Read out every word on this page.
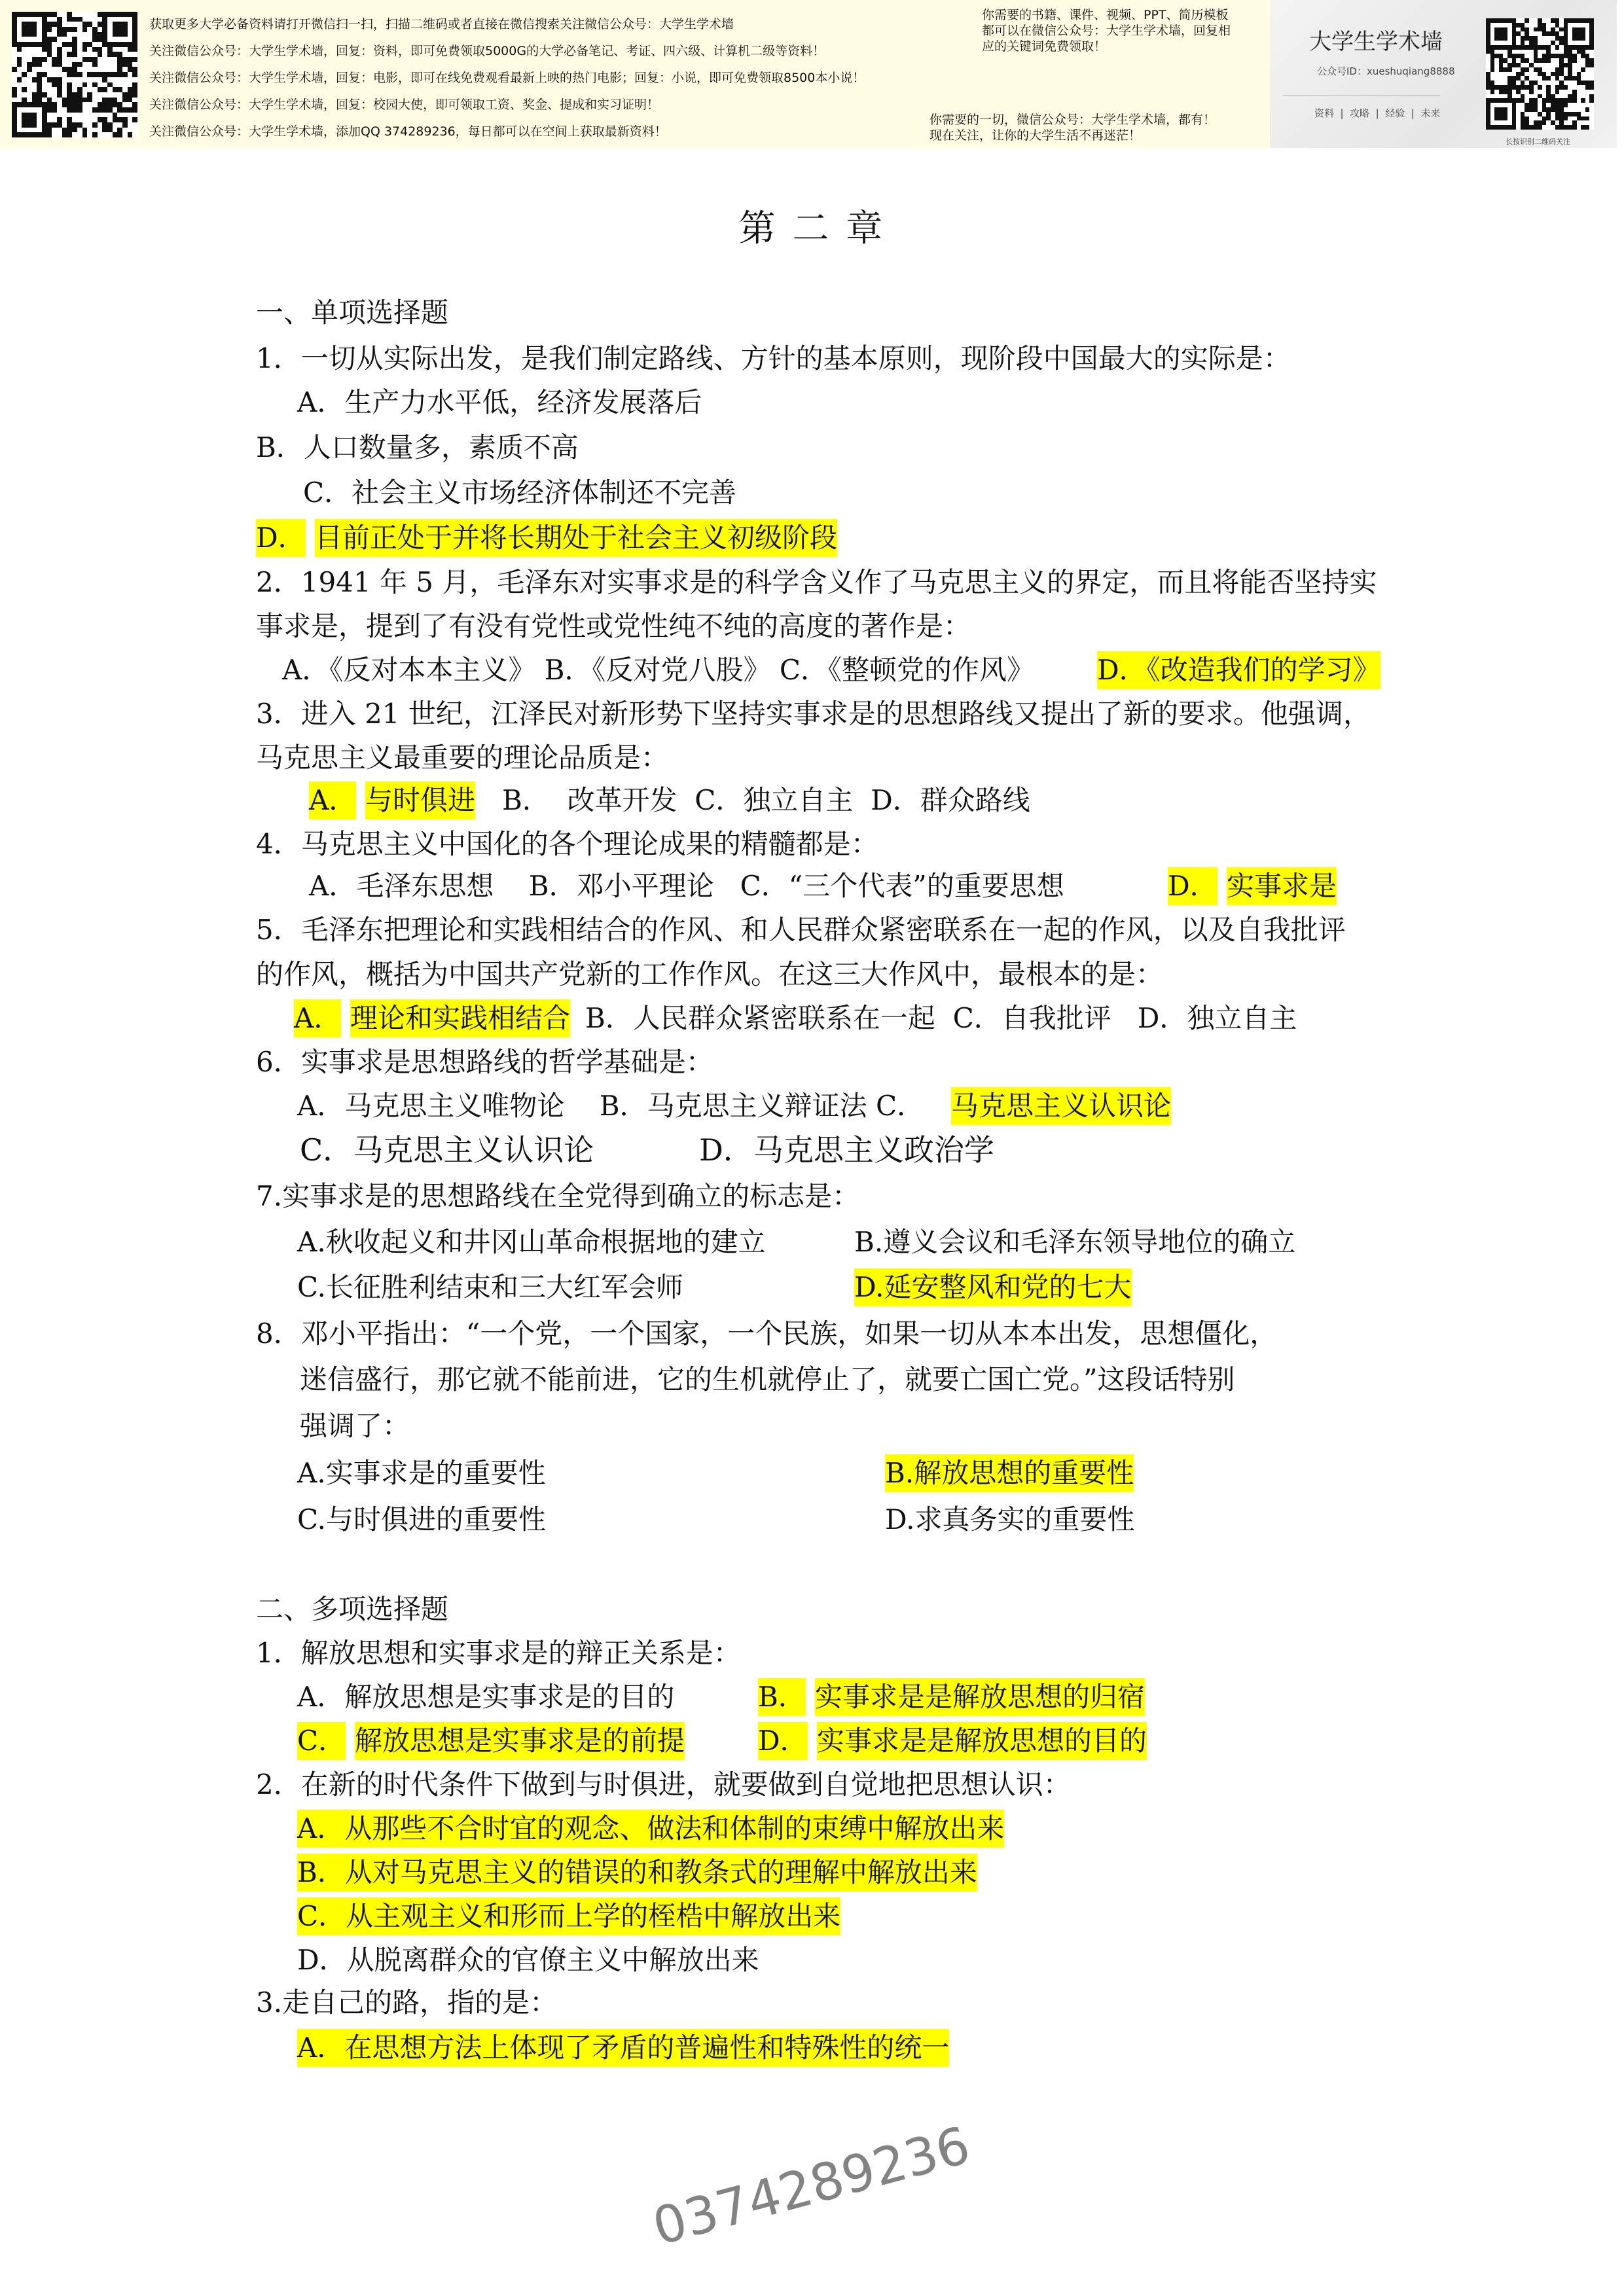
获取更多大学必备资料请打开微信扫一扫，扫描二维码或者直接在微信搜索关注微信公众号：大学生学术墙
关注微信公众号：大学生学术墙，回复：资料，即可免费领取5000G的大学必备笔记、考证、四六级、计算机二级等资料！
关注微信公众号：大学生学术墙，回复：电影，即可在线免费观看最新上映的热门电影；回复：小说，即可免费领取8500本小说！
关注微信公众号：大学生学术墙，回复：校园大使，即可领取工资、奖金、提成和实习证明！
关注微信公众号：大学生学术墙，添加QQ 374289236，每日都可以在空间上获取最新资料！
你需要的书籍、课件、视频、PPT、简历模板
都可以在微信公众号：大学生学术墙，回复相
应的关键词免费领取！
你需要的一切，微信公众号：大学生学术墙，都有！
现在关注，让你的大学生活不再迷茫！
大学生学术墙
公众号ID：xueshuqiang8888
资料  |  攻略  |  经验  |  未来
长按识别二维码关注
第 二 章
一、单项选择题
1．一切从实际出发，是我们制定路线、方针的基本原则，现阶段中国最大的实际是：
A．生产力水平低，经济发展落后
B．人口数量多，素质不高
C．社会主义市场经济体制还不完善
D． 目前正处于并将长期处于社会主义初级阶段
2．1941 年 5 月，毛泽东对实事求是的科学含义作了马克思主义的界定，而且将能否坚持实
事求是，提到了有没有党性或党性纯不纯的高度的著作是：
A．《反对本本主义》 B．《反对党八股》 C．《整顿党的作风》 D．《改造我们的学习》
3．进入 21 世纪，江泽民对新形势下坚持实事求是的思想路线又提出了新的要求。他强调，
马克思主义最重要的理论品质是：
A． 与时俱进 B．  改革开发  C．独立自主  D．群众路线
4．马克思主义中国化的各个理论成果的精髓都是：
A．毛泽东思想    B．邓小平理论   C．“三个代表”的重要思想	D． 实事求是
5．毛泽东把理论和实践相结合的作风、和人民群众紧密联系在一起的作风，以及自我批评
的作风，概括为中国共产党新的工作作风。在这三大作风中，最根本的是：
A． 理论和实践相结合 B．人民群众紧密联系在一起  C．自我批评   D．独立自主
6．实事求是思想路线的哲学基础是：
A．马克思主义唯物论    B．马克思主义辩证法 C． 马克思主义认识论
C．马克思主义认识论	D．马克思主义政治学
7.实事求是的思想路线在全党得到确立的标志是：
A.秋收起义和井冈山革命根据地的建立	B.遵义会议和毛泽东领导地位的确立
C.长征胜利结束和三大红军会师	D.延安整风和党的七大
8．邓小平指出：“一个党，一个国家，一个民族，如果一切从本本出发，思想僵化，
迷信盛行，那它就不能前进，它的生机就停止了，就要亡国亡党。”这段话特别
强调了：
A.实事求是的重要性	B.解放思想的重要性
C.与时俱进的重要性	D.求真务实的重要性
二、多项选择题
1．解放思想和实事求是的辩正关系是：
A．解放思想是实事求是的目的	B． 实事求是是解放思想的归宿
C． 解放思想是实事求是的前提	D． 实事求是是解放思想的目的
2．在新的时代条件下做到与时俱进，就要做到自觉地把思想认识：
A．从那些不合时宜的观念、做法和体制的束缚中解放出来
B．从对马克思主义的错误的和教条式的理解中解放出来
C．从主观主义和形而上学的桎梏中解放出来
D．从脱离群众的官僚主义中解放出来
3.走自己的路，指的是：
A．在思想方法上体现了矛盾的普遍性和特殊性的统一
0374289236
